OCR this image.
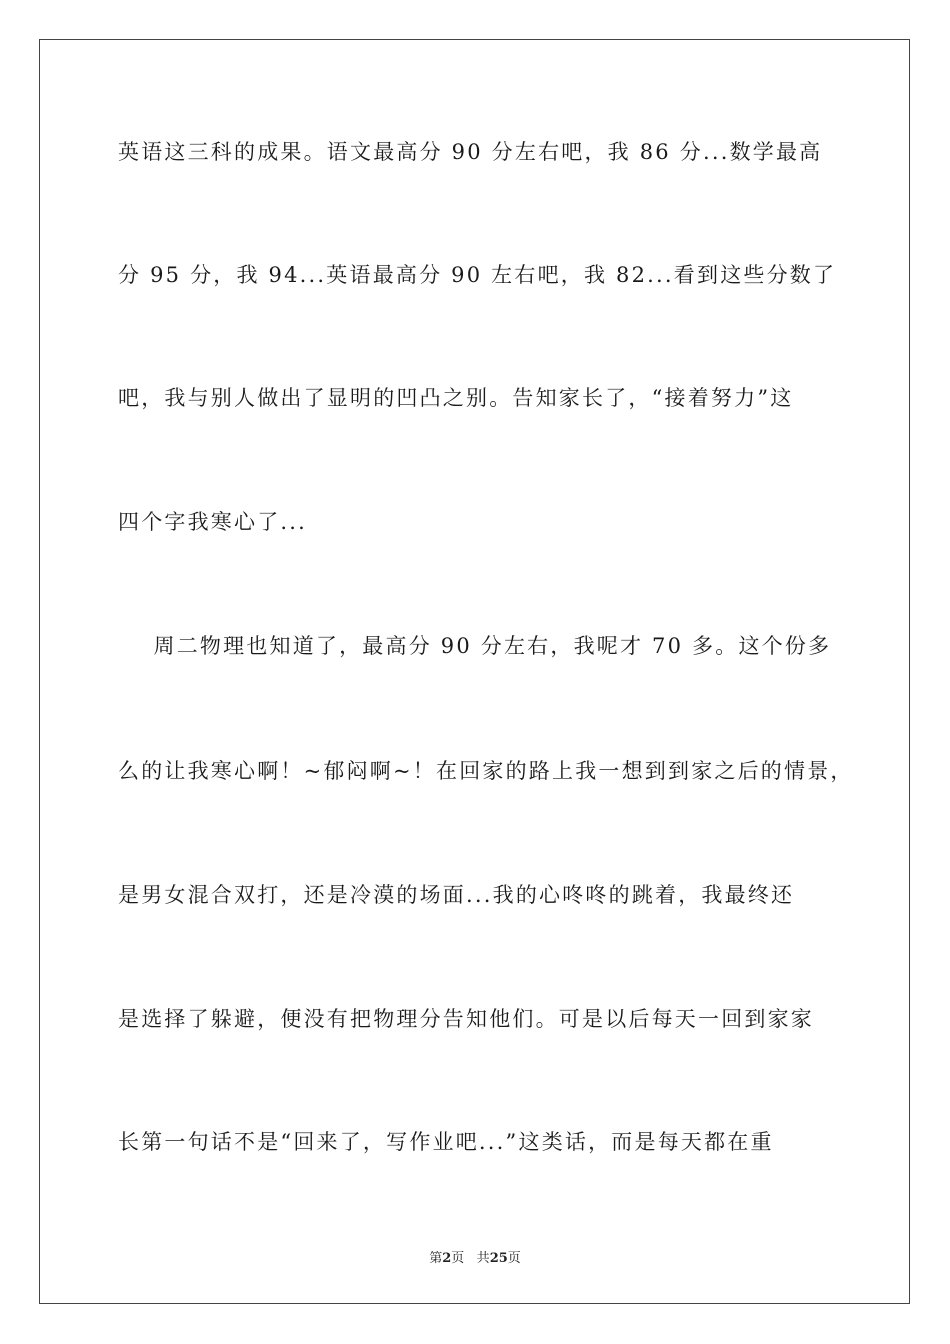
英语这三科的成果。语文最高分 90 分左右吧，我 86 分...数学最高
分 95 分，我 94...英语最高分 90 左右吧，我 82...看到这些分数了
吧，我与别人做出了显明的凹凸之别。告知家长了，“接着努力”这
四个字我寒心了...
周二物理也知道了，最高分 90 分左右，我呢才 70 多。这个份多
么的让我寒心啊！~郁闷啊~！在回家的路上我一想到到家之后的情景，
是男女混合双打，还是冷漠的场面...我的心咚咚的跳着，我最终还
是选择了躲避，便没有把物理分告知他们。可是以后每天一回到家家
长第一句话不是“回来了，写作业吧...”这类话，而是每天都在重
第2页 共25页
